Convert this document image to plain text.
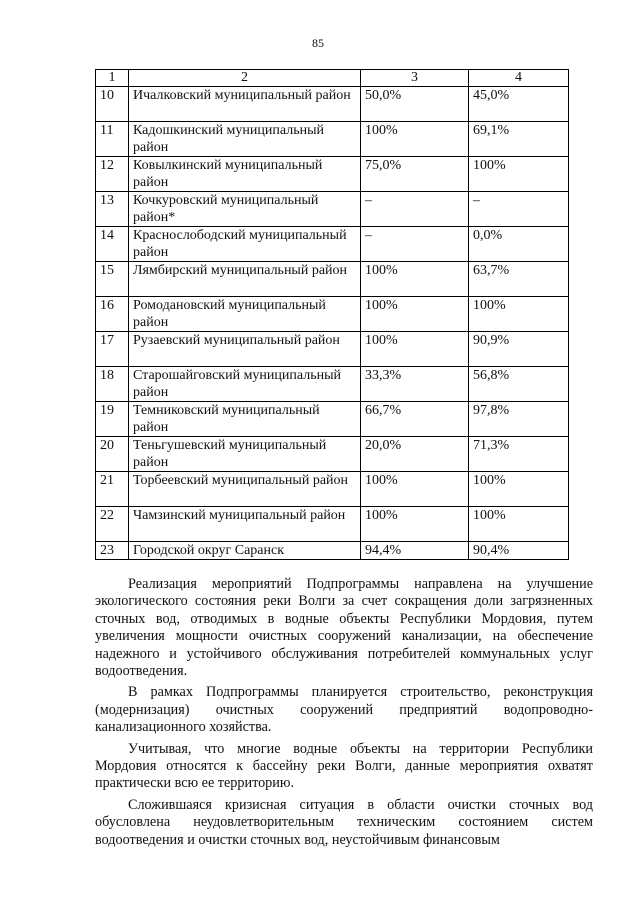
85
1	2	3	4
10	Ичалковский муниципальный район	50,0%	45,0%
11	Кадошкинский муниципальный район	100%	69,1%
12	Ковылкинский муниципальный район	75,0%	100%
13	Кочкуровский муниципальный район*	–	–
14	Краснослободский муниципальный район	–	0,0%
15	Лямбирский муниципальный район	100%	63,7%
16	Ромодановский муниципальный район	100%	100%
17	Рузаевский муниципальный район	100%	90,9%
18	Старошайговский муниципальный район	33,3%	56,8%
19	Темниковский муниципальный район	66,7%	97,8%
20	Теньгушевский муниципальный район	20,0%	71,3%
21	Торбеевский муниципальный район	100%	100%
22	Чамзинский муниципальный район	100%	100%
23	Городской округ Саранск	94,4%	90,4%

Реализация мероприятий Подпрограммы направлена на улучшение экологического состояния реки Волги за счет сокращения доли загрязненных сточных вод, отводимых в водные объекты Республики Мордовия, путем увеличения мощности очистных сооружений канализации, на обеспечение надежного и устойчивого обслуживания потребителей коммунальных услуг водоотведения.

В рамках Подпрограммы планируется строительство, реконструкция (модернизация) очистных сооружений предприятий водопроводно-канализационного хозяйства.

Учитывая, что многие водные объекты на территории Республики Мордовия относятся к бассейну реки Волги, данные мероприятия охватят практически всю ее территорию.

Сложившаяся кризисная ситуация в области очистки сточных вод обусловлена неудовлетворительным техническим состоянием систем водоотведения и очистки сточных вод, неустойчивым финансовым
